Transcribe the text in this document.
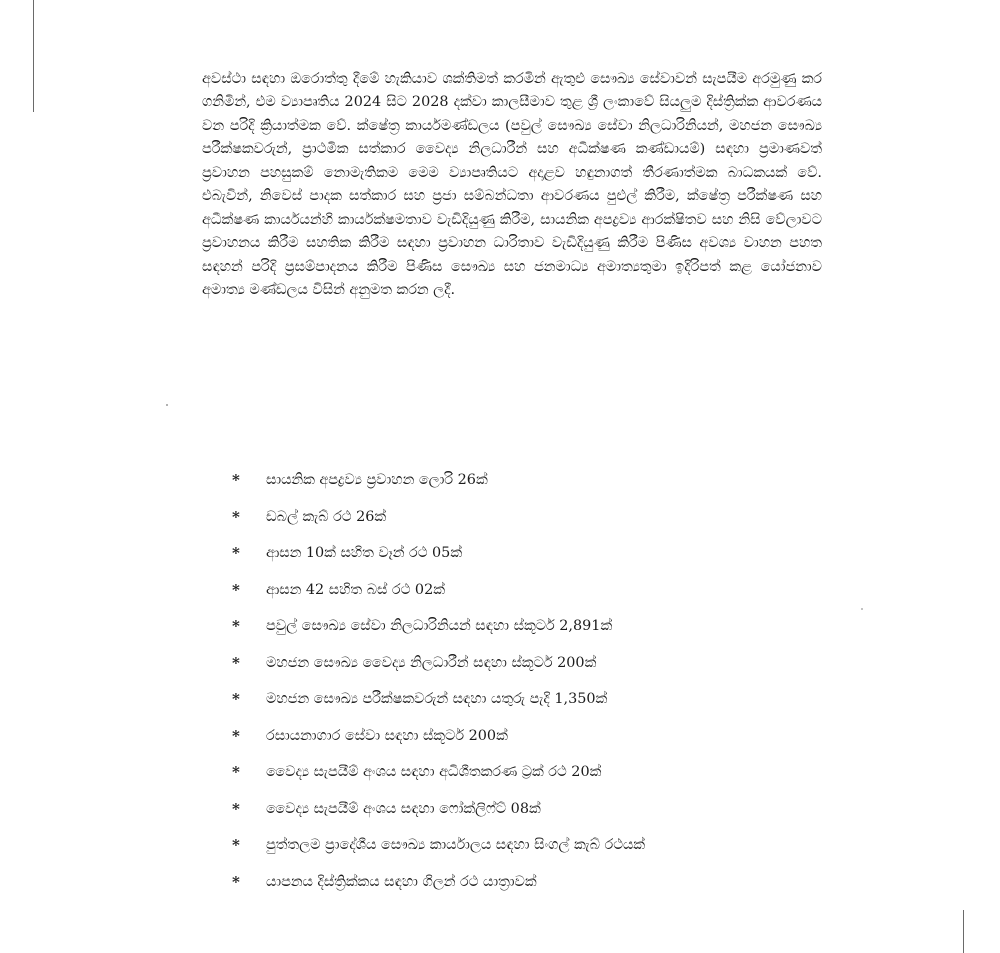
අවස්ථා සඳහා ඔරොත්තු දීමේ හැකියාව ශක්තිමත් කරමින් ඇතුළු සෞඛ්‍ය සේවාවන් සැපයීම අරමුණු කර ගනිමින්, එම ව්‍යාපෘතිය 2024 සිට 2028 දක්වා කාලසීමාව තුළ ශ්‍රී ලංකාවේ සියලුම දිස්ත්‍රික්ක ආවරණය වන පරිදි ක්‍රියාත්මක වේ. ක්ෂේත්‍ර කාර්යමණ්ඩලය (පවුල් සෞඛ්‍ය සේවා නිලධාරිනියන්, මහජන සෞඛ්‍ය පරීක්ෂකවරුන්, ප්‍රාථමික සත්කාර වෛද්‍ය නිලධාරීන් සහ අධීක්ෂණ කණ්ඩායම්) සඳහා ප්‍රමාණවත් ප්‍රවාහන පහසුකම් නොමැතිකම මෙම ව්‍යාපෘතියට අදාළව හඳුනාගත් තීරණාත්මක බාධකයක් වේ. එබැවින්, නිවෙස් පාදක සත්කාර සහ ප්‍රජා සම්බන්ධතා ආවරණය පුළුල් කිරීම, ක්ෂේත්‍ර පරීක්ෂණ සහ අධීක්ෂණ කාර්යයන්හි කාර්යක්ෂමතාව වැඩිදියුණු කිරීම, සායනික අපද්‍රව්‍ය ආරක්ෂිතව සහ නිසි වේලාවට ප්‍රවාහනය කිරීම සහතික කිරීම සඳහා ප්‍රවාහන ධාරිතාව වැඩිදියුණු කිරීම පිණිස අවශ්‍ය වාහන පහත සඳහන් පරිදි ප්‍රසම්පාදනය කිරීම පිණිස සෞඛ්‍ය සහ ජනමාධ්‍ය අමාත්‍යතුමා ඉදිරිපත් කළ යෝජනාව අමාත්‍ය මණ්ඩලය විසින් අනුමත කරන ලදී.

*	සායනික අපද්‍රව්‍ය ප්‍රවාහන ලොරි 26ක්
*	ඩබල් කැබ් රථ 26ක්
*	ආසන 10ක් සහිත වෑන් රථ 05ක්
*	ආසන 42 සහිත බස් රථ 02ක්
*	පවුල් සෞඛ්‍ය සේවා නිලධාරිනියන් සඳහා ස්කූටර් 2,891ක්
*	මහජන සෞඛ්‍ය වෛද්‍ය නිලධාරීන් සඳහා ස්කූටර් 200ක්
*	මහජන සෞඛ්‍ය පරීක්ෂකවරුන් සඳහා යතුරු පැදි 1,350ක්
*	රසායනාගාර සේවා සඳහා ස්කූටර් 200ක්
*	වෛද්‍ය සැපයීම් අංශය සඳහා අධිශීතකරණ ට්‍රක් රථ 20ක්
*	වෛද්‍ය සැපයීම් අංශය සඳහා ෆෝක්ලිෆ්ට් 08ක්
*	පුත්තලම ප්‍රාදේශීය සෞඛ්‍ය කාර්යාලය සඳහා සිංගල් කැබ් රථයක්
*	යාපනය දිස්ත්‍රික්කය සඳහා ගිලන් රථ යාත්‍රාවක්
